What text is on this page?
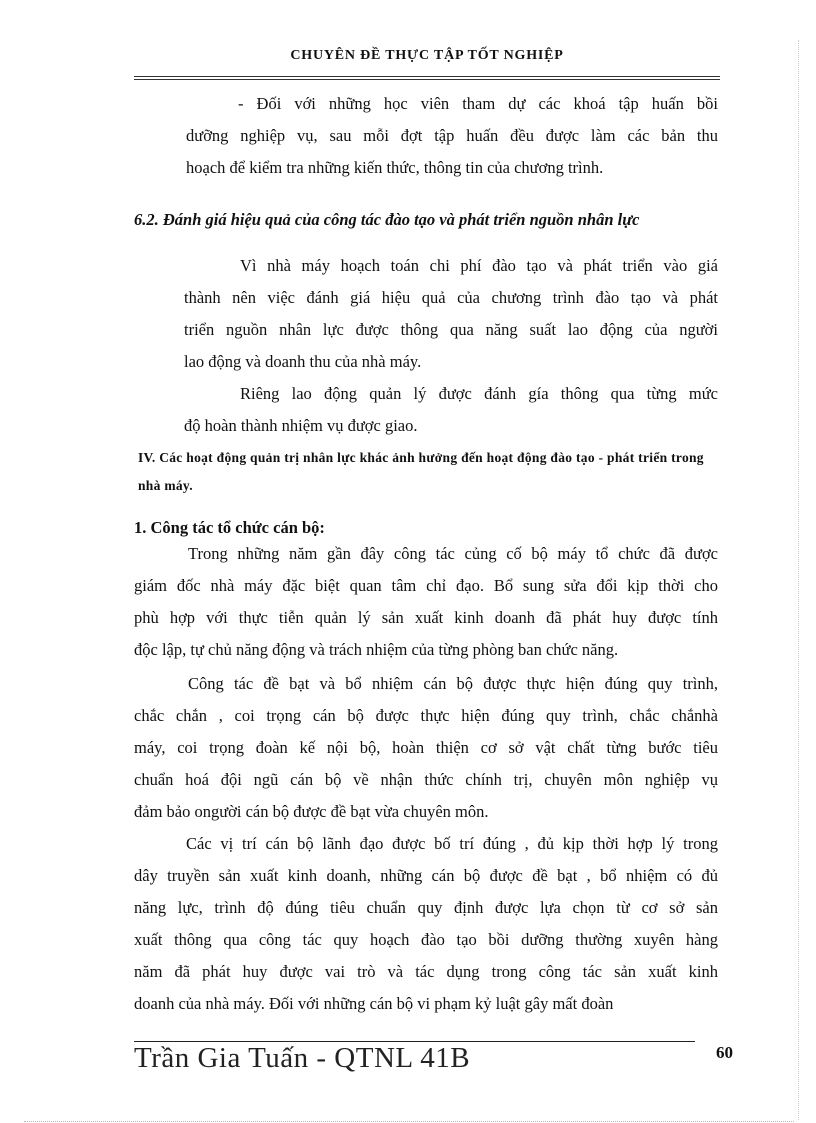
CHUYÊN ĐỀ THỰC TẬP TỐT NGHIỆP
- Đối với những học viên tham dự các khoá tập huấn bồi
dưỡng nghiệp vụ, sau mỗi đợt tập huấn đều được làm các bản thu
hoạch để kiểm tra những kiến thức, thông tin của chương trình.
6.2. Đánh giá hiệu quả của công tác đào tạo và phát triển nguồn nhân lực
Vì nhà máy hoạch toán chi phí đào tạo và phát triển vào giá
thành nên việc đánh giá hiệu quả của chương trình đào tạo và phát
triển nguồn nhân lực được thông qua năng suất lao động của người
lao động và doanh thu của nhà máy.
Riêng lao động quản lý được đánh gía thông qua từng mức
độ hoàn thành nhiệm vụ được giao.
IV. Các hoạt động quản trị nhân lực khác ảnh hưởng đến hoạt động đào tạo - phát triển trong nhà máy.
1. Công tác tổ chức cán bộ:
Trong những năm gần đây công tác củng cố bộ máy tổ chức đã được
giám đốc nhà máy đặc biệt quan tâm chỉ đạo. Bổ sung sửa đổi kịp thời cho
phù hợp với thực tiễn quản lý sản xuất kinh doanh đã phát huy được tính
độc lập, tự chủ năng động và trách nhiệm của từng phòng ban chức năng.
Công tác đề bạt và bổ nhiệm cán bộ được thực hiện đúng quy trình,
chắc chắn , coi trọng cán bộ được thực hiện đúng quy trình, chắc chắnhà
máy, coi trọng đoàn kế nội bộ, hoàn thiện cơ sở vật chất từng bước tiêu
chuẩn hoá đội ngũ cán bộ về nhận thức chính trị, chuyên môn nghiệp vụ
đảm bảo ongười cán bộ được đề bạt vừa chuyên môn.
Các vị trí cán bộ lãnh đạo được bố trí đúng , đủ kịp thời hợp lý trong
dây truyền sản xuất kinh doanh, những cán bộ được đề bạt , bổ nhiệm có đủ
năng lực, trình độ đúng tiêu chuẩn quy định được lựa chọn từ cơ sở sản
xuất thông qua công tác quy hoạch đào tạo bồi dưỡng thường xuyên hàng
năm đã phát huy được vai trò và tác dụng trong công tác sản xuất kinh
doanh của nhà máy. Đối với những cán bộ vi phạm kỷ luật gây mất đoàn
Trần Gia Tuấn - QTNL 41B	60
